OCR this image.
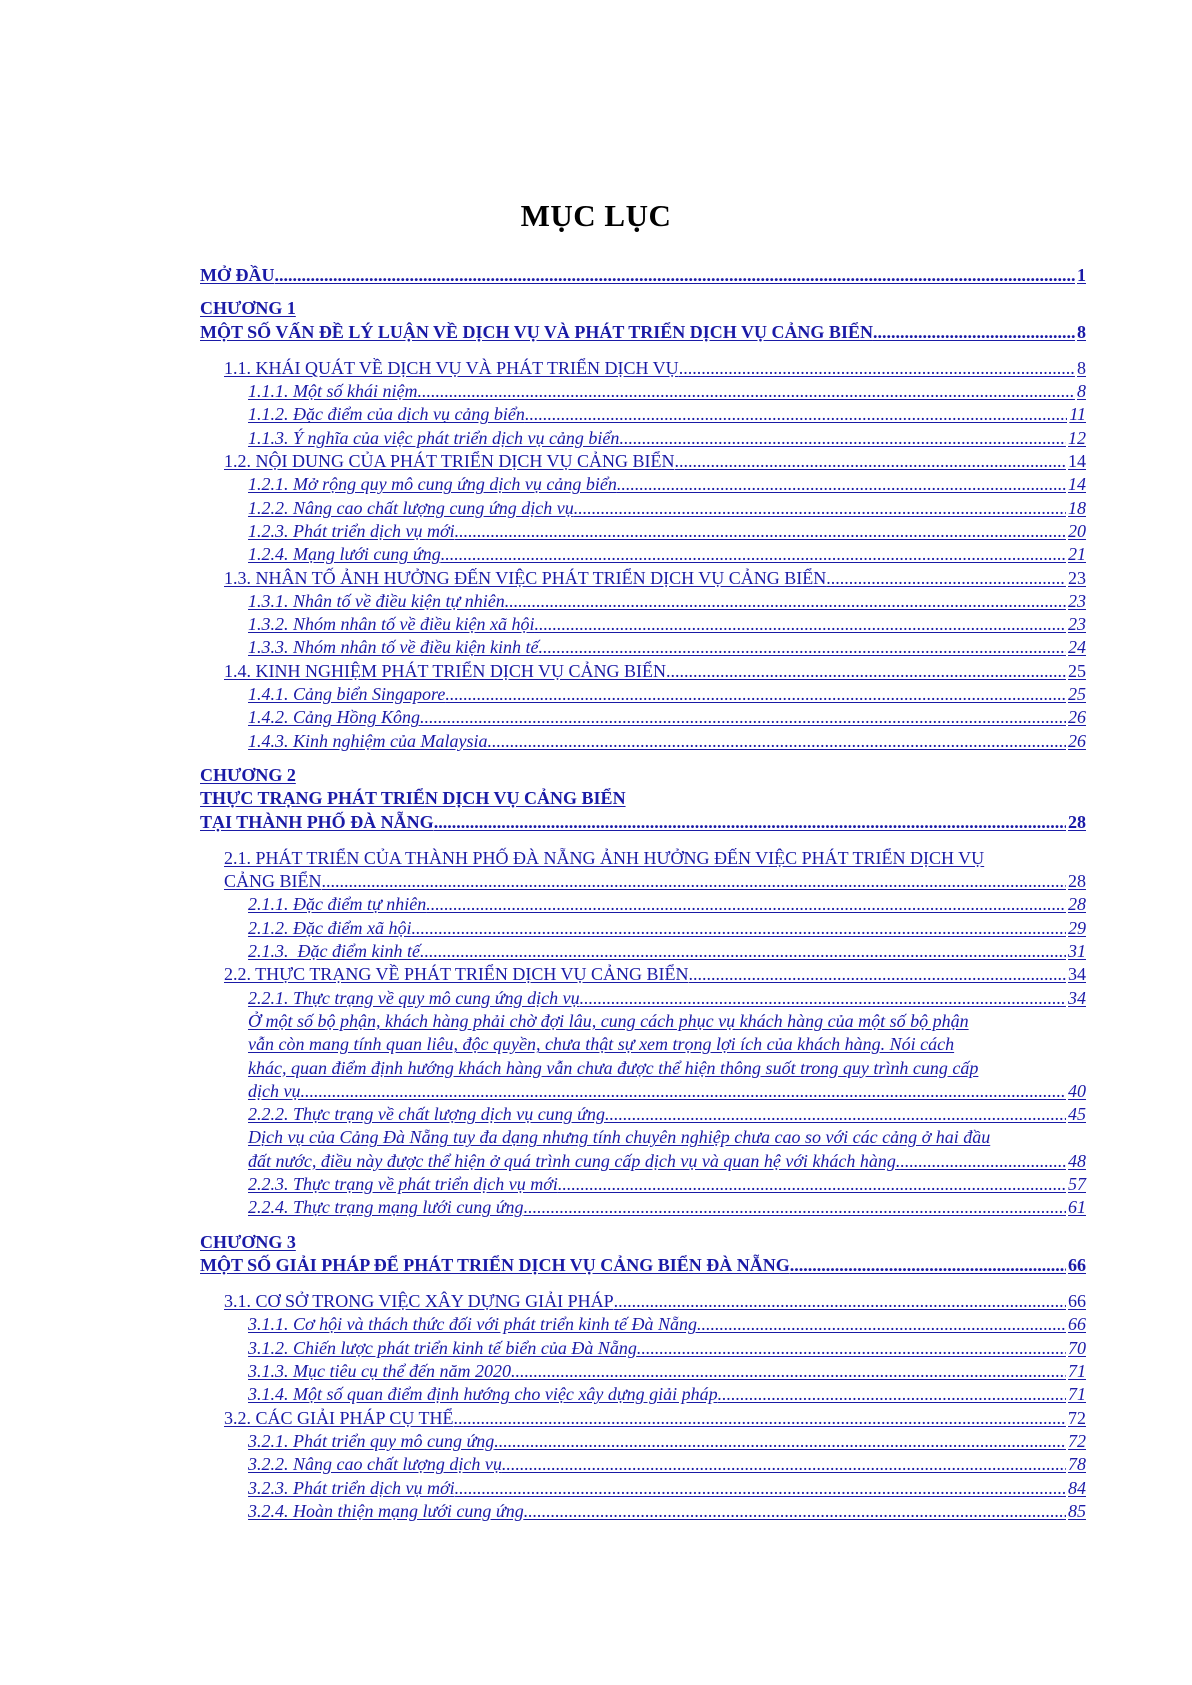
MỤC LỤC
MỞ ĐẦU .....	1
CHƯƠNG 1
MỘT SỐ VẤN ĐỀ LÝ LUẬN VỀ DỊCH VỤ VÀ PHÁT TRIỂN DỊCH VỤ CẢNG BIỂN .....	8
1.1. KHÁI QUÁT VỀ DỊCH VỤ VÀ PHÁT TRIỂN DỊCH VỤ .....	8
1.1.1. Một số khái niệm .....	8
1.1.2. Đặc điểm của dịch vụ cảng biển .....	11
1.1.3. Ý nghĩa của việc phát triển dịch vụ cảng biển .....	12
1.2. NỘI DUNG CỦA PHÁT TRIỂN DỊCH VỤ CẢNG BIỂN .....	14
1.2.1. Mở rộng quy mô cung ứng dịch vụ cảng biển .....	14
1.2.2. Nâng cao chất lượng cung ứng dịch vụ .....	18
1.2.3. Phát triển dịch vụ mới .....	20
1.2.4. Mạng lưới cung ứng .....	21
1.3. NHÂN TỐ ẢNH HƯỞNG ĐẾN VIỆC PHÁT TRIỂN DỊCH VỤ CẢNG BIỂN .....	23
1.3.1. Nhân tố về điều kiện tự nhiên .....	23
1.3.2. Nhóm nhân tố về điều kiện xã hội .....	23
1.3.3. Nhóm nhân tố về điều kiện kinh tế .....	24
1.4. KINH NGHIỆM PHÁT TRIỂN DỊCH VỤ CẢNG BIỂN .....	25
1.4.1. Cảng biển Singapore .....	25
1.4.2. Cảng Hồng Kông .....	26
1.4.3. Kinh nghiệm của Malaysia .....	26
CHƯƠNG 2
THỰC TRẠNG PHÁT TRIỂN DỊCH VỤ CẢNG BIỂN
TẠI THÀNH PHỐ ĐÀ NẴNG .....	28
2.1. PHÁT TRIỂN CỦA THÀNH PHỐ ĐÀ NẴNG ẢNH HƯỞNG ĐẾN VIỆC PHÁT TRIỂN DỊCH VỤ
CẢNG BIỂN .....	28
2.1.1. Đặc điểm tự nhiên .....	28
2.1.2. Đặc điểm xã hội .....	29
2.1.3.  Đặc điểm kinh tế .....	31
2.2. THỰC TRẠNG VỀ PHÁT TRIỂN DỊCH VỤ CẢNG BIỂN .....	34
2.2.1. Thực trạng về quy mô cung ứng dịch vụ .....	34
Ở một số bộ phận, khách hàng phải chờ đợi lâu, cung cách phục vụ khách hàng của một số bộ phận
vẫn còn mang tính quan liêu, độc quyền, chưa thật sự xem trọng lợi ích của khách hàng. Nói cách
khác, quan điểm định hướng khách hàng vẫn chưa được thể hiện thông suốt trong quy trình cung cấp
dịch vụ .....	40
2.2.2. Thực trạng về chất lượng dịch vụ cung ứng .....	45
Dịch vụ của Cảng Đà Nẵng tuy đa dạng nhưng tính chuyên nghiệp chưa cao so với các cảng ở hai đầu
đất nước, điều này được thể hiện ở quá trình cung cấp dịch vụ và quan hệ với khách hàng. .....	48
2.2.3. Thực trạng về phát triển dịch vụ mới .....	57
2.2.4. Thực trạng mạng lưới cung ứng .....	61
CHƯƠNG 3
MỘT SỐ GIẢI PHÁP ĐỂ PHÁT TRIỂN DỊCH VỤ CẢNG BIỂN ĐÀ NẴNG .....	66
3.1. CƠ SỞ TRONG VIỆC XÂY DỰNG GIẢI PHÁP .....	66
3.1.1. Cơ hội và thách thức đối với phát triển kinh tế Đà Nẵng .....	66
3.1.2. Chiến lược phát triển kinh tế biển của Đà Nẵng .....	70
3.1.3. Mục tiêu cụ thể đến năm 2020 .....	71
3.1.4. Một số quan điểm định hướng cho việc xây dựng giải pháp .....	71
3.2. CÁC GIẢI PHÁP CỤ THỂ .....	72
3.2.1. Phát triển quy mô cung ứng .....	72
3.2.2. Nâng cao chất lượng dịch vụ .....	78
3.2.3. Phát triển dịch vụ mới .....	84
3.2.4. Hoàn thiện mạng lưới cung ứng .....	85
